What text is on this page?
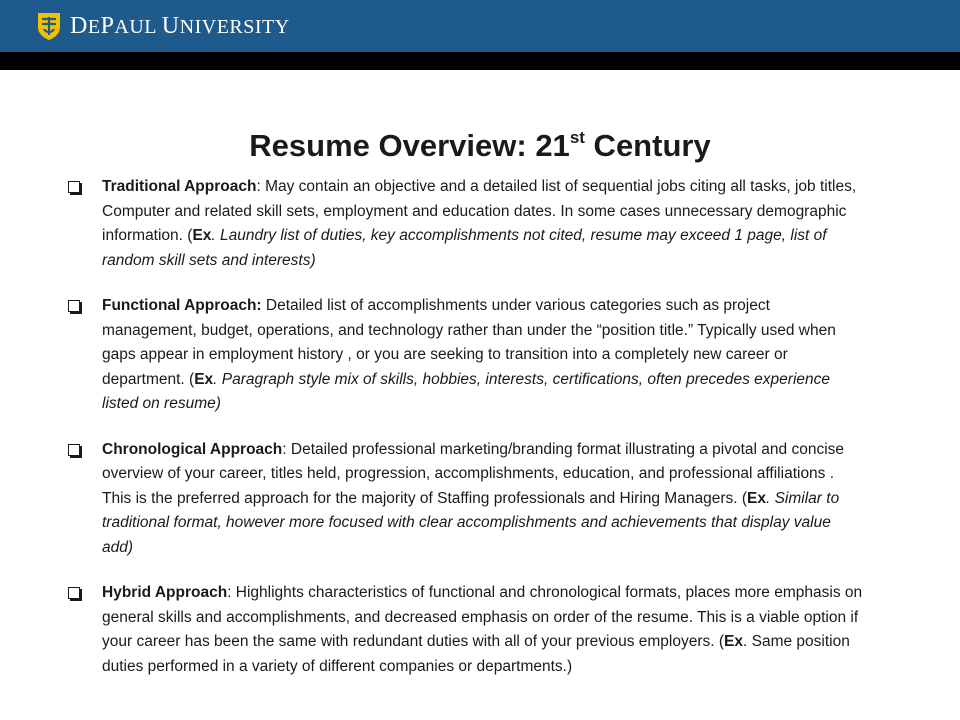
DEPAUL UNIVERSITY
Resume Overview: 21st Century
Traditional Approach: May contain an objective and a detailed list of sequential jobs citing all tasks, job titles, Computer and related skill sets, employment and education dates. In some cases unnecessary demographic information. (Ex. Laundry list of duties, key accomplishments not cited, resume may exceed 1 page, list of random skill sets and interests)
Functional Approach: Detailed list of accomplishments under various categories such as project management, budget, operations, and technology rather than under the “position title.” Typically used when gaps appear in employment history , or you are seeking to transition into a completely new career or department. (Ex. Paragraph style mix of skills, hobbies, interests, certifications, often precedes experience listed on resume)
Chronological Approach: Detailed professional marketing/branding format illustrating a pivotal and concise overview of your career, titles held, progression, accomplishments, education, and professional affiliations . This is the preferred approach for the majority of Staffing professionals and Hiring Managers. (Ex. Similar to traditional format, however more focused with clear accomplishments and achievements that display value add)
Hybrid Approach: Highlights characteristics of functional and chronological formats, places more emphasis on general skills and accomplishments, and decreased emphasis on order of the resume. This is a viable option if your career has been the same with redundant duties with all of your previous employers. (Ex. Same position duties performed in a variety of different companies or departments.)
